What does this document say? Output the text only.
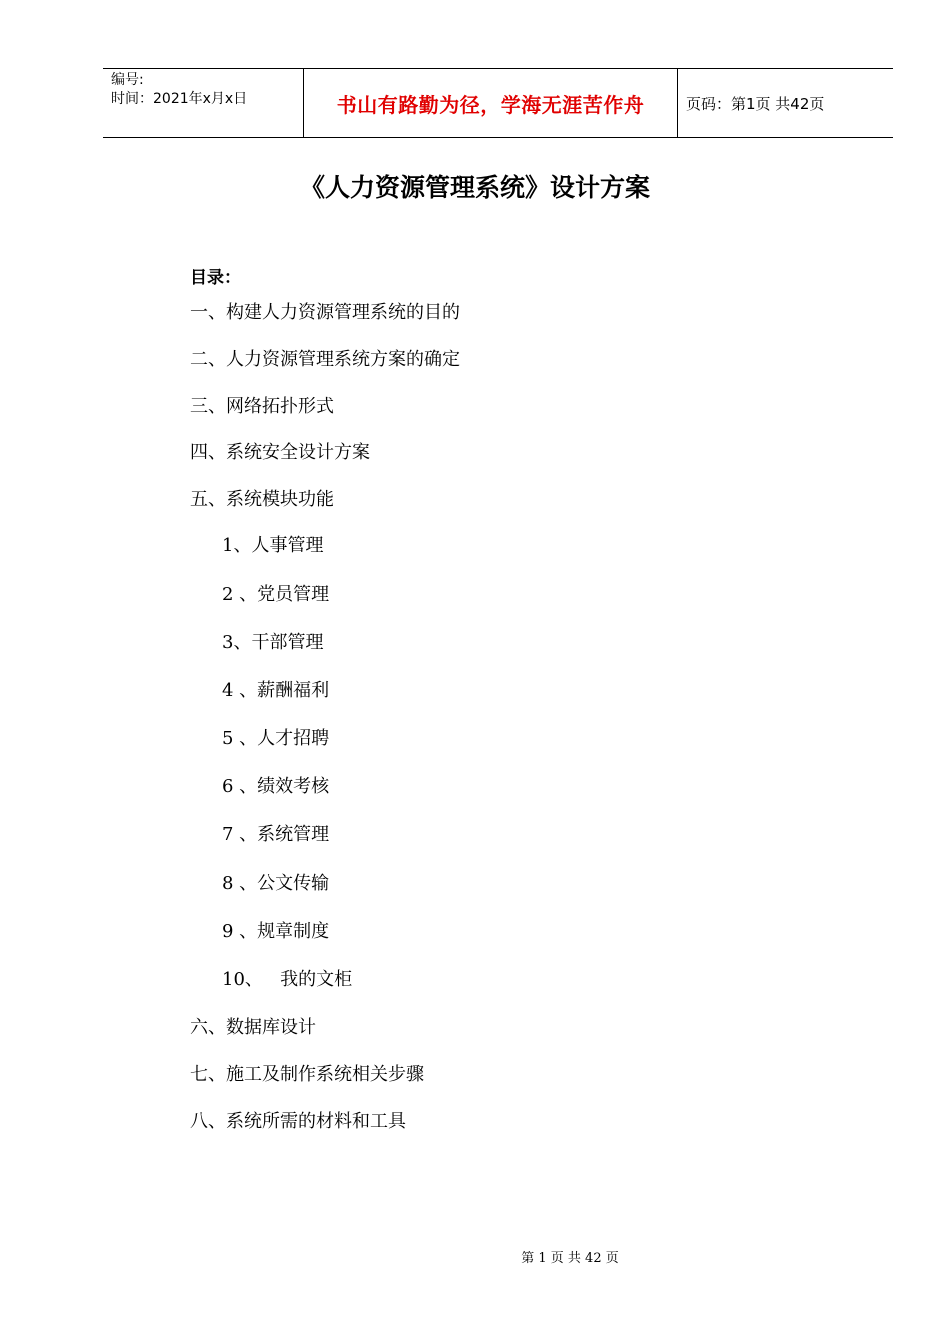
编号:
时间：2021年x月x日	书山有路勤为径，学海无涯苦作舟	页码：第1页 共42页
《人力资源管理系统》设计方案
目录：
一、构建人力资源管理系统的目的
二、人力资源管理系统方案的确定
三、网络拓扑形式
四、系统安全设计方案
五、系统模块功能
1、人事管理
2 、党员管理
3、干部管理
4 、薪酬福利
5 、人才招聘
6 、绩效考核
7 、系统管理
8 、公文传输
9 、规章制度
10、   我的文柜
六、数据库设计
七、施工及制作系统相关步骤
八、系统所需的材料和工具
第 1 页 共 42 页
